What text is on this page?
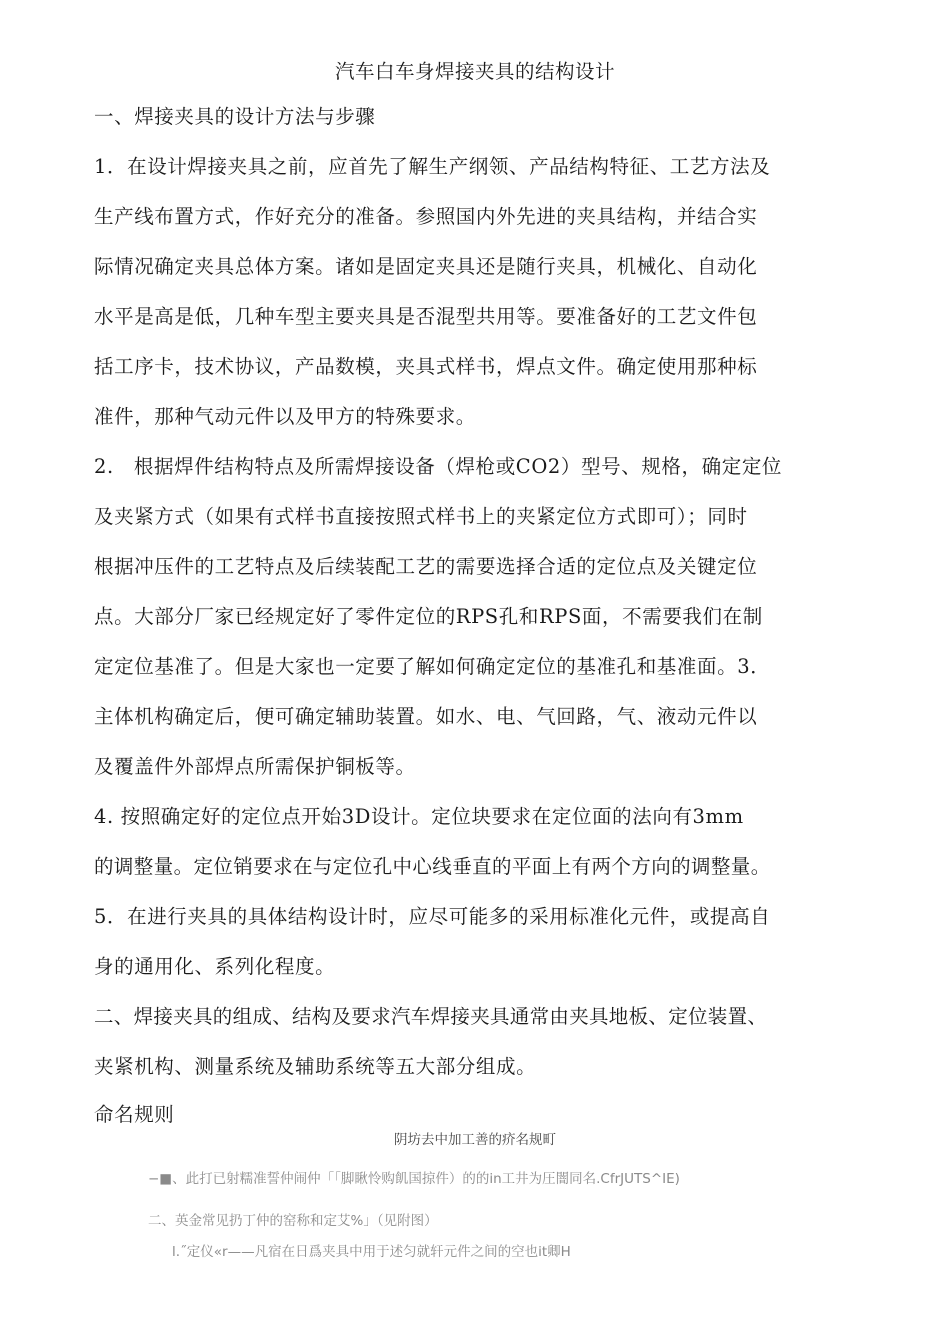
汽车白车身焊接夹具的结构设计
一、焊接夹具的设计方法与步骤
1．在设计焊接夹具之前，应首先了解生产纲领、产品结构特征、工艺方法及
生产线布置方式，作好充分的准备。参照国内外先进的夹具结构，并结合实
际情况确定夹具总体方案。诸如是固定夹具还是随行夹具，机械化、自动化
水平是高是低，几种车型主要夹具是否混型共用等。要准备好的工艺文件包
括工序卡，技术协议，产品数模，夹具式样书，焊点文件。确定使用那种标
准件，那种气动元件以及甲方的特殊要求。
2.　根据焊件结构特点及所需焊接设备（焊枪或CO2）型号、规格，确定定位
及夹紧方式（如果有式样书直接按照式样书上的夹紧定位方式即可）；同时
根据冲压件的工艺特点及后续装配工艺的需要选择合适的定位点及关键定位
点。大部分厂家已经规定好了零件定位的RPS孔和RPS面，不需要我们在制
定定位基准了。但是大家也一定要了解如何确定定位的基准孔和基准面。3．
主体机构确定后，便可确定辅助装置。如水、电、气回路，气、液动元件以
及覆盖件外部焊点所需保护铜板等。
4. 按照确定好的定位点开始3D设计。定位块要求在定位面的法向有3mm
的调整量。定位销要求在与定位孔中心线垂直的平面上有两个方向的调整量。
5．在进行夹具的具体结构设计时，应尽可能多的采用标准化元件，或提高自
身的通用化、系列化程度。
二、焊接夹具的组成、结构及要求汽车焊接夹具通常由夹具地板、定位装置、
夹紧机构、测量系统及辅助系统等五大部分组成。
命名规则
阴坊去中加工善的疥名规町
−■、此打已射糯准誓仲闹仲「「脚瞅怜购飢国掠件）的的in工井为圧闇同名.CfrJUTS^IE)
二、英金常见扔丁仲的窑称和定艾%」（见附图）
l.˝定仪«r——凡宿在日爲夹具中用于述匀就轩元件之间的空也it卿H
